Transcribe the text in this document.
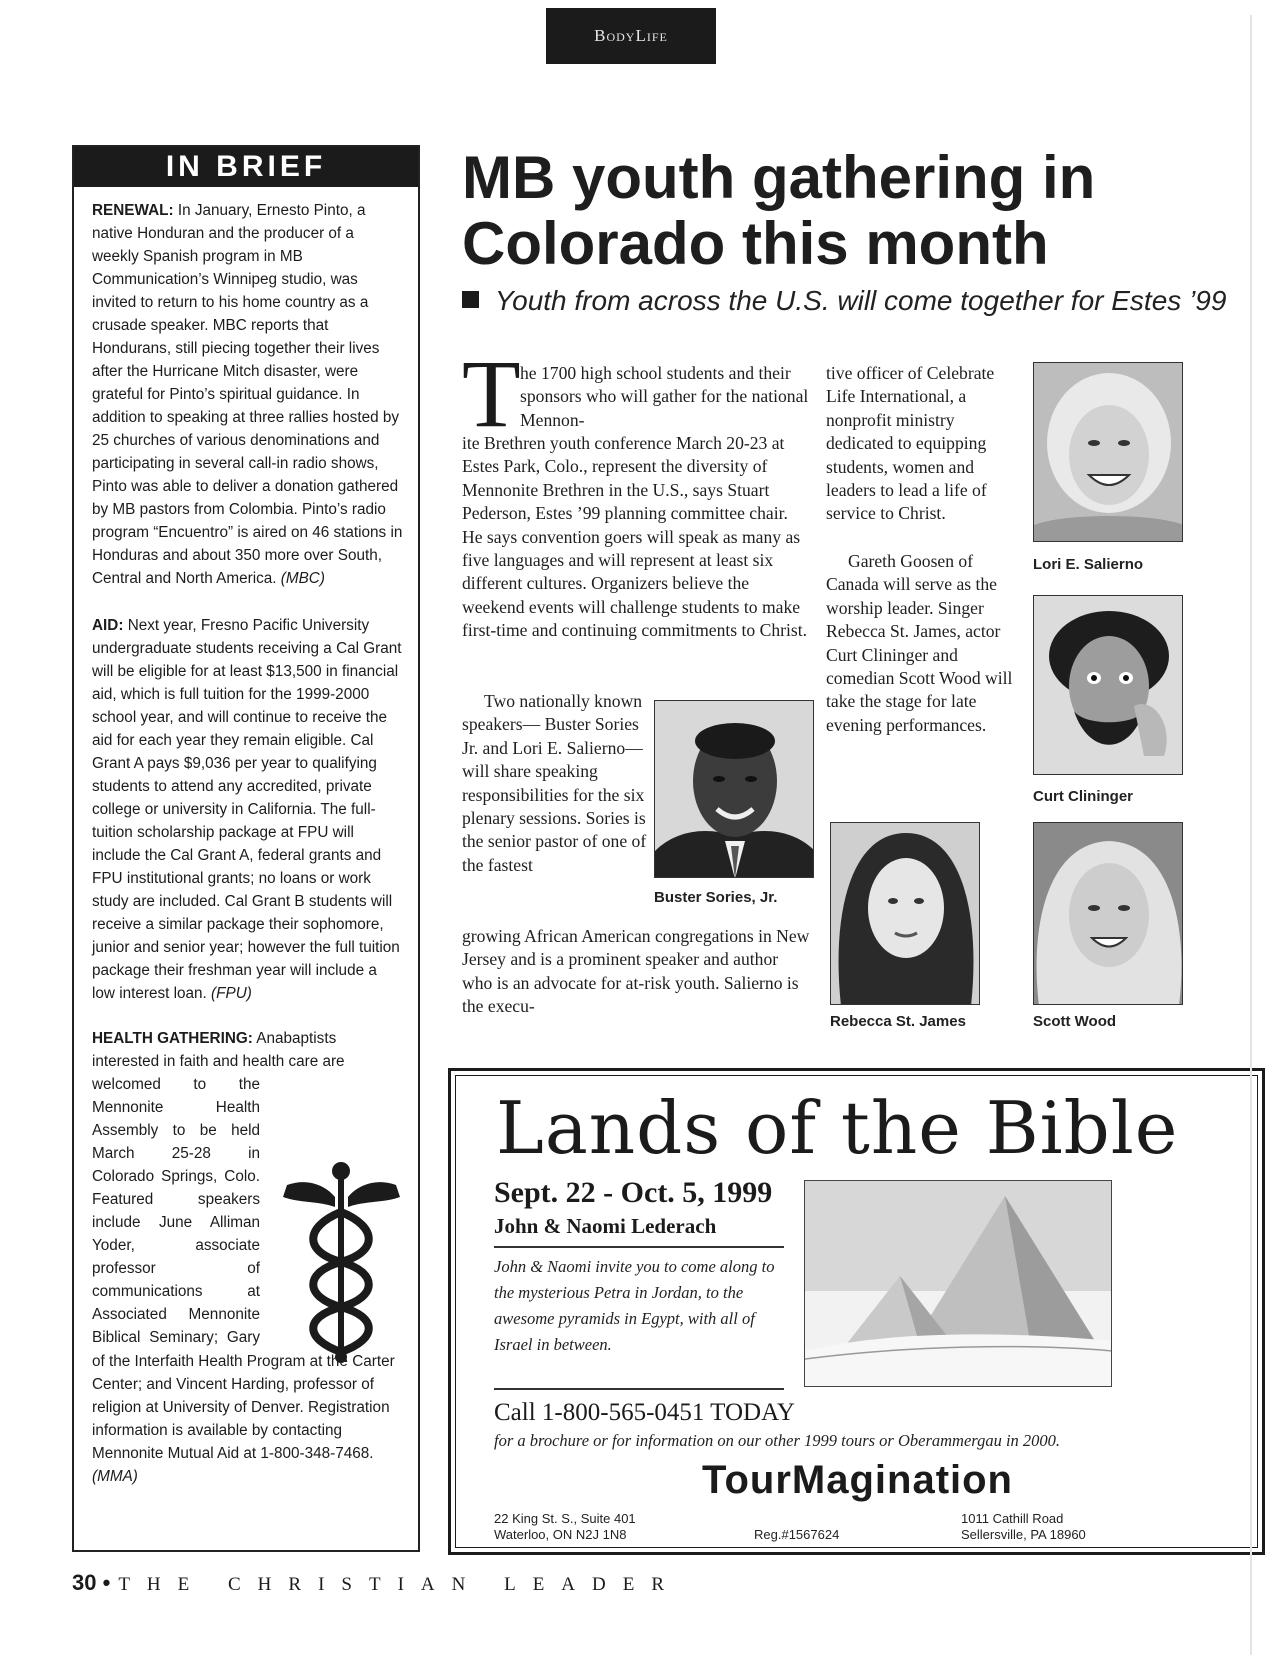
BodyLife
IN BRIEF

RENEWAL: In January, Ernesto Pinto, a native Honduran and the producer of a weekly Spanish program in MB Communication’s Winnipeg studio, was invited to return to his home country as a crusade speaker. MBC reports that Hondurans, still piecing together their lives after the Hurricane Mitch disaster, were grateful for Pinto’s spiritual guidance. In addition to speaking at three rallies hosted by 25 churches of various denominations and participating in several call-in radio shows, Pinto was able to deliver a donation gathered by MB pastors from Colombia. Pinto’s radio program “Encuentro” is aired on 46 stations in Honduras and about 350 more over South, Central and North America. (MBC)

AID: Next year, Fresno Pacific University undergraduate students receiving a Cal Grant will be eligible for at least $13,500 in financial aid, which is full tuition for the 1999-2000 school year, and will continue to receive the aid for each year they remain eligible. Cal Grant A pays $9,036 per year to qualifying students to attend any accredited, private college or university in California. The full-tuition scholarship package at FPU will include the Cal Grant A, federal grants and FPU institutional grants; no loans or work study are included. Cal Grant B students will receive a similar package their sophomore, junior and senior year; however the full tuition package their freshman year will include a low interest loan. (FPU)

HEALTH GATHERING: Anabaptists interested in faith and health care are

welcomed to the Mennonite Health Assembly to be held March 25-28 in Colorado Springs, Colo. Featured speakers include June Alliman Yoder, associate professor of communications at Associated Mennonite Biblical Seminary; Gary

of the Interfaith Health Program at the Carter Center; and Vincent Harding, professor of religion at University of Denver. Registration information is available by contacting Mennonite Mutual Aid at 1-800-348-7468. (MMA)

MB youth gathering in
Colorado this month

Youth from across the U.S. will come together for Estes ’99

T he 1700 high school students and their sponsors who will gather for the national Mennon-

ite Brethren youth conference March 20-23 at Estes Park, Colo., represent the diversity of Mennonite Brethren in the U.S., says Stuart Pederson, Estes ’99 planning committee chair. He says convention goers will speak as many as five languages and will represent at least six different cultures. Organizers believe the weekend events will challenge students to make first-time and continuing commitments to Christ.

Two nationally known speakers— Buster Sories Jr. and Lori E. Salierno— will share speaking responsibilities for the six plenary sessions. Sories is the senior pastor of one of the fastest

growing African American congregations in New Jersey and is a prominent speaker and author who is an advocate for at-risk youth. Salierno is the execu-

Buster Sories, Jr.

tive officer of Celebrate Life International, a nonprofit ministry dedicated to equipping students, women and leaders to lead a life of service to Christ.

Gareth Goosen of Canada will serve as the worship leader. Singer Rebecca St. James, actor Curt Clininger and comedian Scott Wood will take the stage for late evening performances.

Lori E. Salierno
Curt Clininger
Rebecca St. James	Scott Wood
Lands of the Bible
Sept. 22 - Oct. 5, 1999
John & Naomi Lederach

John & Naomi invite you to come along to the mysterious Petra in Jordan, to the awesome pyramids in Egypt, with all of Israel in between.

Call 1-800-565-0451 TODAY
for a brochure or for information on our other 1999 tours or Oberammergau in 2000.
TourMagination
22 King St. S., Suite 401
Waterloo, ON N2J 1N8	Reg.#1567624
1011 Cathill Road
Sellersville, PA 18960
30 • THE CHRISTIAN LEADER
